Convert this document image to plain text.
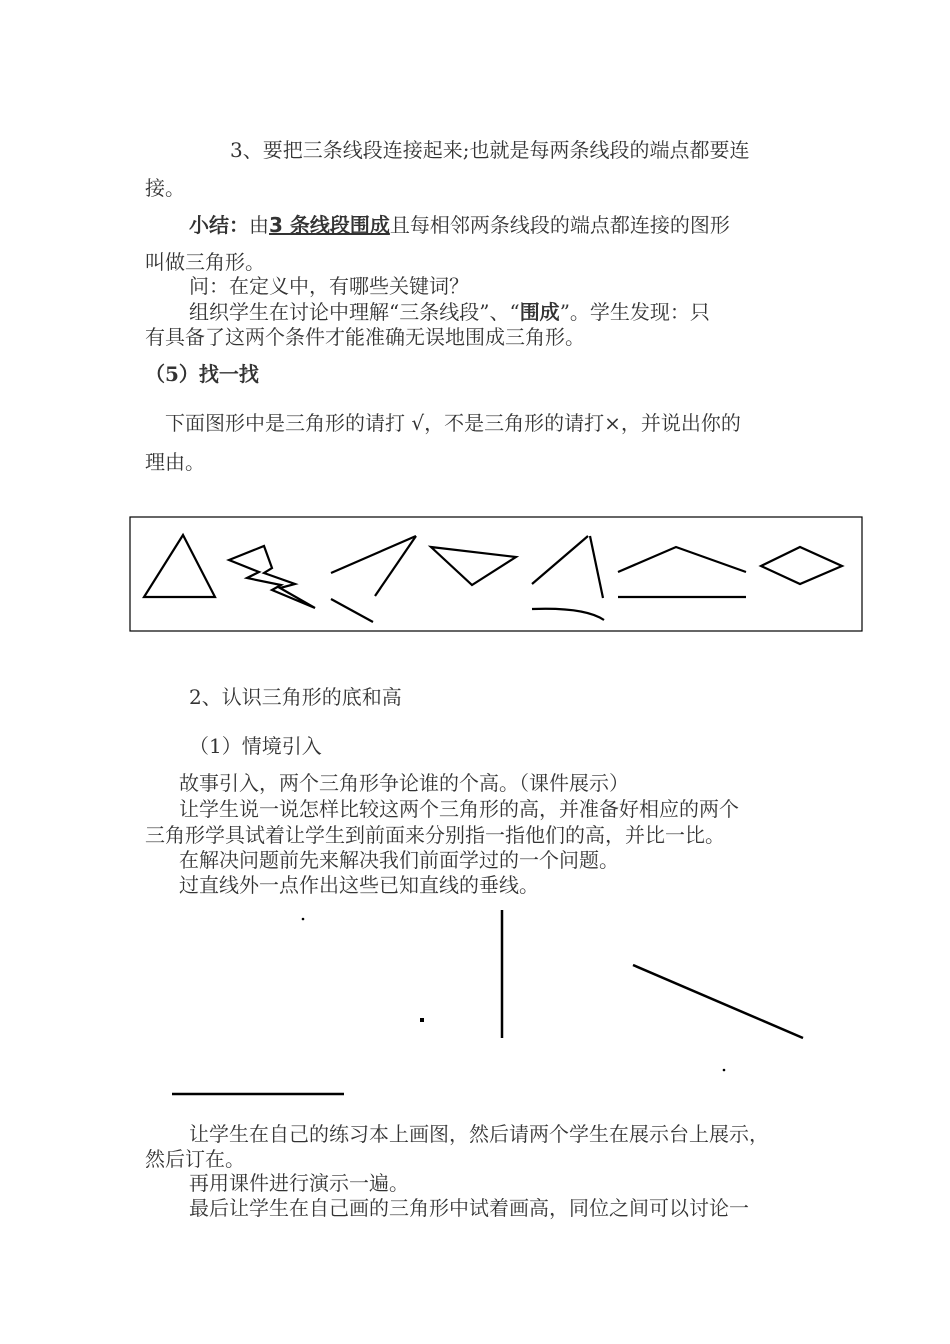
3、要把三条线段连接起来;也就是每两条线段的端点都要连
接。
小结：由3 条线段围成且每相邻两条线段的端点都连接的图形
叫做三角形。
问：在定义中，有哪些关键词？
组织学生在讨论中理解“三条线段”、“围成”。学生发现：只
有具备了这两个条件才能准确无误地围成三角形。
（5）找一找
下面图形中是三角形的请打 √，不是三角形的请打×，并说出你的
理由。
2、认识三角形的底和高
（1）情境引入
故事引入，两个三角形争论谁的个高。（课件展示）
让学生说一说怎样比较这两个三角形的高，并准备好相应的两个
三角形学具试着让学生到前面来分别指一指他们的高，并比一比。
在解决问题前先来解决我们前面学过的一个问题。
过直线外一点作出这些已知直线的垂线。
让学生在自己的练习本上画图，然后请两个学生在展示台上展示，
然后订在。
再用课件进行演示一遍。
最后让学生在自己画的三角形中试着画高，同位之间可以讨论一
